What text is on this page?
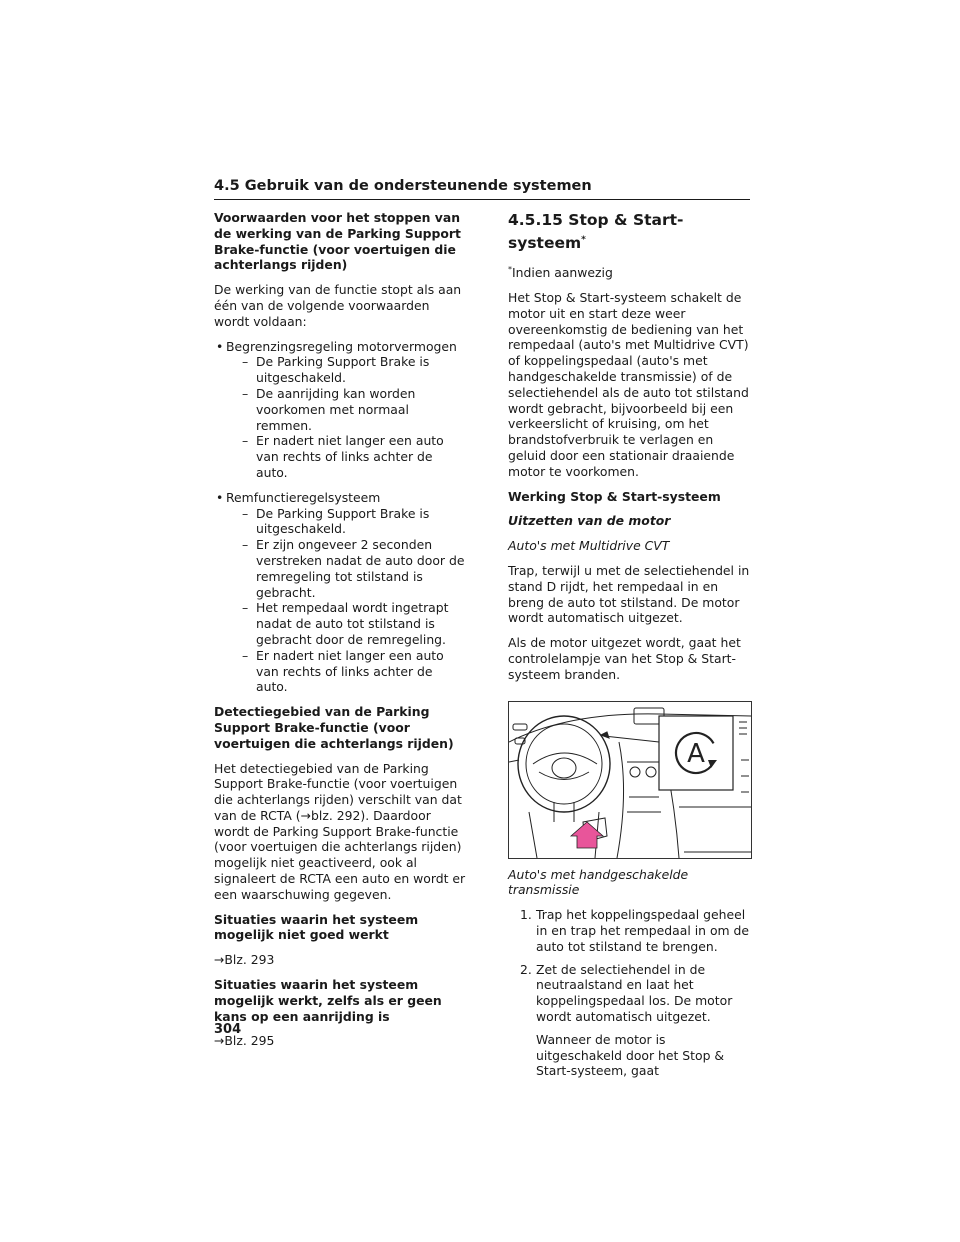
4.5 Gebruik van de ondersteunende systemen
Voorwaarden voor het stoppen van de werking van de Parking Support Brake-functie (voor voertuigen die achterlangs rijden)

De werking van de functie stopt als aan één van de volgende voorwaarden wordt voldaan:

• Begrenzingsregeling motorvermogen
– De Parking Support Brake is uitgeschakeld.
– De aanrijding kan worden voorkomen met normaal remmen.
– Er nadert niet langer een auto van rechts of links achter de auto.
• Remfunctieregelsysteem
– De Parking Support Brake is uitgeschakeld.
– Er zijn ongeveer 2 seconden verstreken nadat de auto door de remregeling tot stilstand is gebracht.
– Het rempedaal wordt ingetrapt nadat de auto tot stilstand is gebracht door de remregeling.
– Er nadert niet langer een auto van rechts of links achter de auto.
Detectiegebied van de Parking Support Brake-functie (voor voertuigen die achterlangs rijden)

Het detectiegebied van de Parking Support Brake-functie (voor voertuigen die achterlangs rijden) verschilt van dat van de RCTA (→blz. 292). Daardoor wordt de Parking Support Brake-functie (voor voertuigen die achterlangs rijden) mogelijk niet geactiveerd, ook al signaleert de RCTA een auto en wordt er een waarschuwing gegeven.

Situaties waarin het systeem mogelijk niet goed werkt

→Blz. 293

Situaties waarin het systeem mogelijk werkt, zelfs als er geen kans op een aanrijding is

→Blz. 295

4.5.15 Stop & Start-systeem*

*Indien aanwezig

Het Stop & Start-systeem schakelt de motor uit en start deze weer overeenkomstig de bediening van het rempedaal (auto's met Multidrive CVT) of koppelingspedaal (auto's met handgeschakelde transmissie) of de selectiehendel als de auto tot stilstand wordt gebracht, bijvoorbeeld bij een verkeerslicht of kruising, om het brandstofverbruik te verlagen en geluid door een stationair draaiende motor te voorkomen.

Werking Stop & Start-systeem
Uitzetten van de motor
Auto's met Multidrive CVT

Trap, terwijl u met de selectiehendel in stand D rijdt, het rempedaal in en breng de auto tot stilstand. De motor wordt automatisch uitgezet.

Als de motor uitgezet wordt, gaat het controlelampje van het Stop & Start-systeem branden.

A
Auto's met handgeschakelde transmissie
1. Trap het koppelingspedaal geheel in en trap het rempedaal in om de auto tot stilstand te brengen.
2. Zet de selectiehendel in de neutraalstand en laat het koppelingspedaal los. De motor wordt automatisch uitgezet.
Wanneer de motor is uitgeschakeld door het Stop & Start-systeem, gaat
304
